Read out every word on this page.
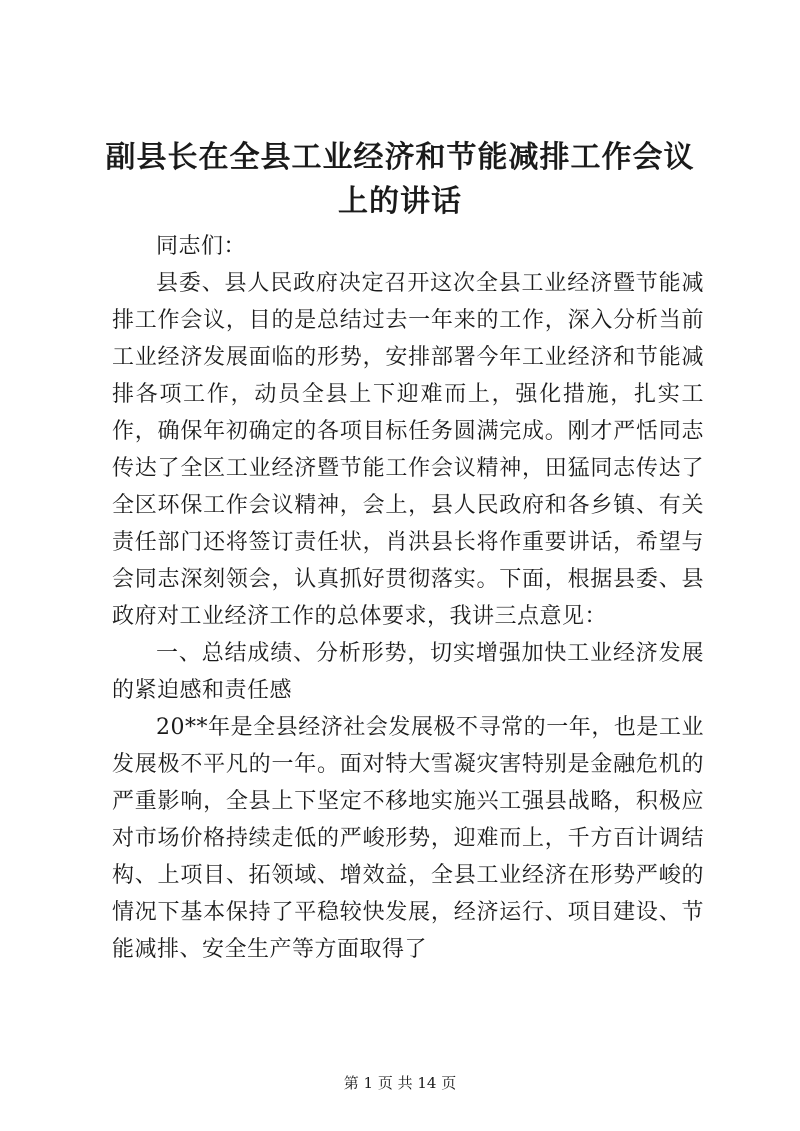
副县长在全县工业经济和节能减排工作会议上的讲话

同志们：

县委、县人民政府决定召开这次全县工业经济暨节能减排工作会议，目的是总结过去一年来的工作，深入分析当前工业经济发展面临的形势，安排部署今年工业经济和节能减排各项工作，动员全县上下迎难而上，强化措施，扎实工作，确保年初确定的各项目标任务圆满完成。刚才严恬同志传达了全区工业经济暨节能工作会议精神，田猛同志传达了全区环保工作会议精神，会上，县人民政府和各乡镇、有关责任部门还将签订责任状，肖洪县长将作重要讲话，希望与会同志深刻领会，认真抓好贯彻落实。下面，根据县委、县政府对工业经济工作的总体要求，我讲三点意见：

一、总结成绩、分析形势，切实增强加快工业经济发展的紧迫感和责任感

20**年是全县经济社会发展极不寻常的一年，也是工业发展极不平凡的一年。面对特大雪凝灾害特别是金融危机的严重影响，全县上下坚定不移地实施兴工强县战略，积极应对市场价格持续走低的严峻形势，迎难而上，千方百计调结构、上项目、拓领域、增效益，全县工业经济在形势严峻的情况下基本保持了平稳较快发展，经济运行、项目建设、节能减排、安全生产等方面取得了

第 1 页 共 14 页
